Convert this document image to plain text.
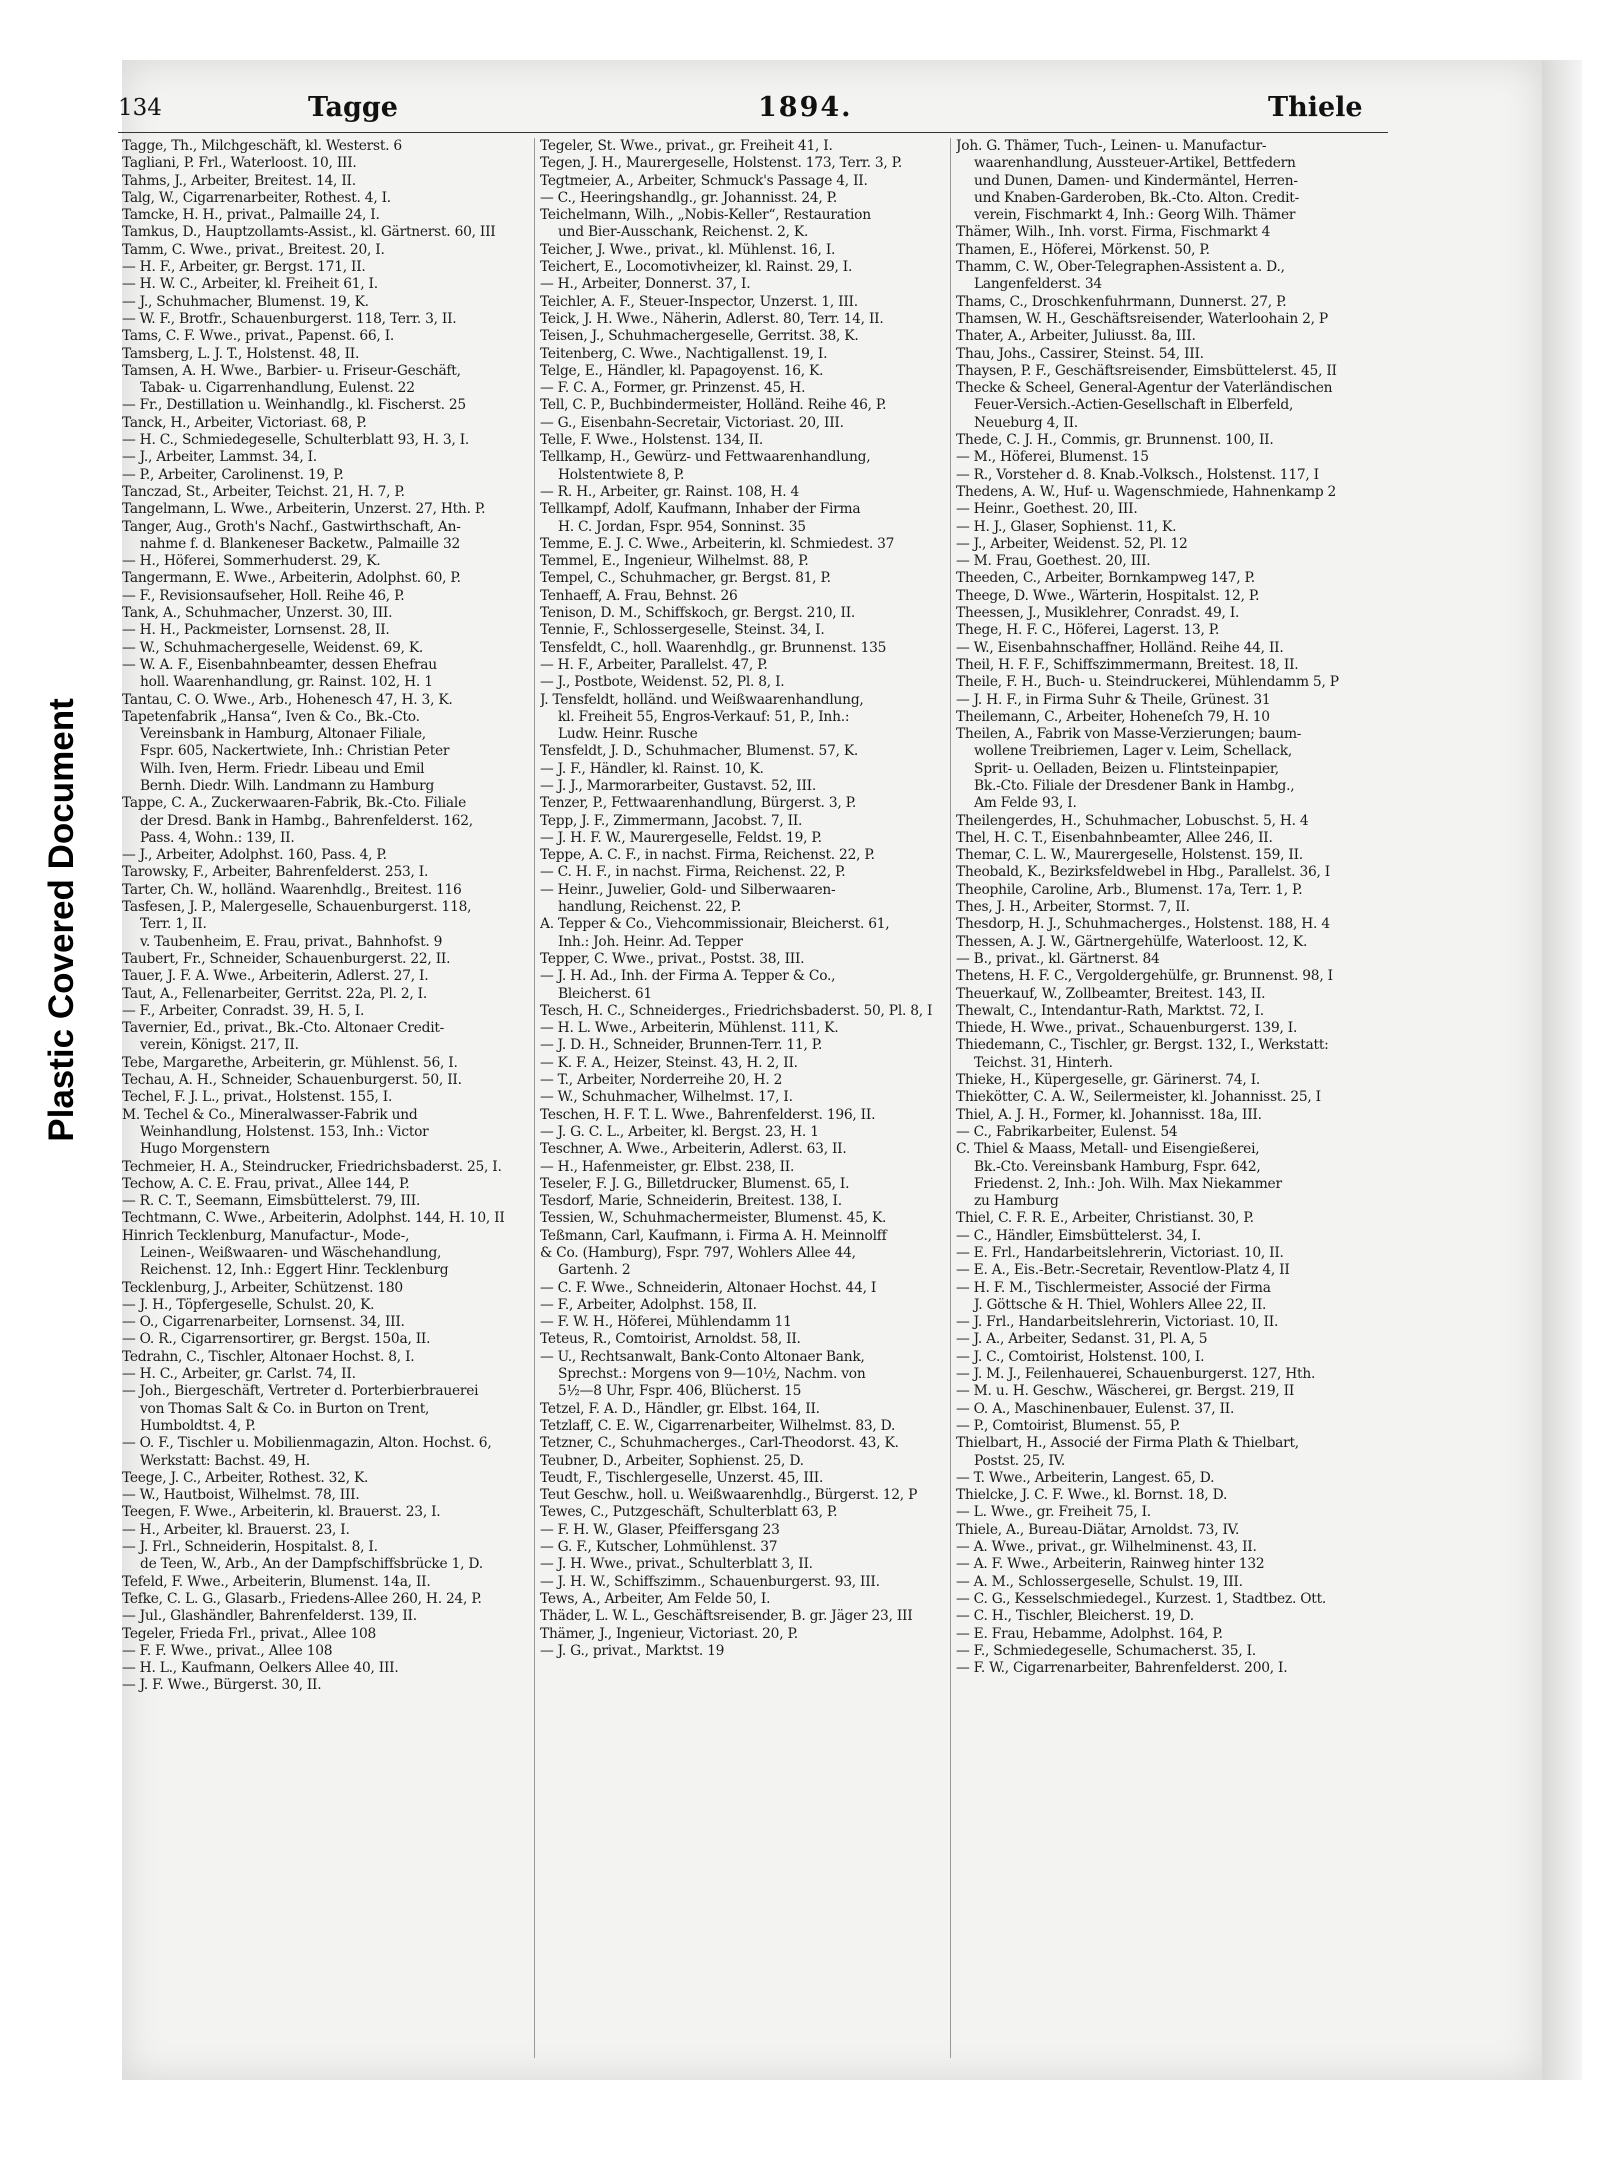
Plastic Covered Document
134	Tagge	1894.	Thiele
Tagge, Th., Milchgeschäft, kl. Westerst. 6
Tagliani, P. Frl., Waterloost. 10, III.
Tahms, J., Arbeiter, Breitest. 14, II.
Talg, W., Cigarrenarbeiter, Rothest. 4, I.
Tamcke, H. H., privat., Palmaille 24, I.
Tamkus, D., Hauptzollamts-Assist., kl. Gärtnerst. 60, III
Tamm, C. Wwe., privat., Breitest. 20, I.
— H. F., Arbeiter, gr. Bergst. 171, II.
— H. W. C., Arbeiter, kl. Freiheit 61, I.
— J., Schuhmacher, Blumenst. 19, K.
— W. F., Brotfr., Schauenburgerst. 118, Terr. 3, II.
Tams, C. F. Wwe., privat., Papenst. 66, I.
Tamsberg, L. J. T., Holstenst. 48, II.
Tamsen, A. H. Wwe., Barbier- u. Friseur-Geschäft,
Tabak- u. Cigarrenhandlung, Eulenst. 22
— Fr., Destillation u. Weinhandlg., kl. Fischerst. 25
Tanck, H., Arbeiter, Victoriast. 68, P.
— H. C., Schmiedegeselle, Schulterblatt 93, H. 3, I.
— J., Arbeiter, Lammst. 34, I.
— P., Arbeiter, Carolinenst. 19, P.
Tanczad, St., Arbeiter, Teichst. 21, H. 7, P.
Tangelmann, L. Wwe., Arbeiterin, Unzerst. 27, Hth. P.
Tanger, Aug., Groth's Nachf., Gastwirthschaft, An-
nahme f. d. Blankeneser Backetw., Palmaille 32
— H., Höferei, Sommerhuderst. 29, K.
Tangermann, E. Wwe., Arbeiterin, Adolphst. 60, P.
— F., Revisionsaufseher, Holl. Reihe 46, P.
Tank, A., Schuhmacher, Unzerst. 30, III.
— H. H., Packmeister, Lornsenst. 28, II.
— W., Schuhmachergeselle, Weidenst. 69, K.
— W. A. F., Eisenbahnbeamter, dessen Ehefrau
holl. Waarenhandlung, gr. Rainst. 102, H. 1
Tantau, C. O. Wwe., Arb., Hohenesch 47, H. 3, K.
Tapetenfabrik „Hansa“, Iven & Co., Bk.-Cto.
Vereinsbank in Hamburg, Altonaer Filiale,
Fspr. 605, Nackertwiete, Inh.: Christian Peter
Wilh. Iven, Herm. Friedr. Libeau und Emil
Bernh. Diedr. Wilh. Landmann zu Hamburg
Tappe, C. A., Zuckerwaaren-Fabrik, Bk.-Cto. Filiale
der Dresd. Bank in Hambg., Bahrenfelderst. 162,
Pass. 4, Wohn.: 139, II.
— J., Arbeiter, Adolphst. 160, Pass. 4, P.
Tarowsky, F., Arbeiter, Bahrenfelderst. 253, I.
Tarter, Ch. W., holländ. Waarenhdlg., Breitest. 116
Tasfesen, J. P., Malergeselle, Schauenburgerst. 118,
Terr. 1, II.
v. Taubenheim, E. Frau, privat., Bahnhofst. 9
Taubert, Fr., Schneider, Schauenburgerst. 22, II.
Tauer, J. F. A. Wwe., Arbeiterin, Adlerst. 27, I.
Taut, A., Fellenarbeiter, Gerritst. 22a, Pl. 2, I.
— F., Arbeiter, Conradst. 39, H. 5, I.
Tavernier, Ed., privat., Bk.-Cto. Altonaer Credit-
verein, Königst. 217, II.
Tebe, Margarethe, Arbeiterin, gr. Mühlenst. 56, I.
Techau, A. H., Schneider, Schauenburgerst. 50, II.
Techel, F. J. L., privat., Holstenst. 155, I.
M. Techel & Co., Mineralwasser-Fabrik und
Weinhandlung, Holstenst. 153, Inh.: Victor
Hugo Morgenstern
Techmeier, H. A., Steindrucker, Friedrichsbaderst. 25, I.
Techow, A. C. E. Frau, privat., Allee 144, P.
— R. C. T., Seemann, Eimsbüttelerst. 79, III.
Techtmann, C. Wwe., Arbeiterin, Adolphst. 144, H. 10, II
Hinrich Tecklenburg, Manufactur-, Mode-,
Leinen-, Weißwaaren- und Wäschehandlung,
Reichenst. 12, Inh.: Eggert Hinr. Tecklenburg
Tecklenburg, J., Arbeiter, Schützenst. 180
— J. H., Töpfergeselle, Schulst. 20, K.
— O., Cigarrenarbeiter, Lornsenst. 34, III.
— O. R., Cigarrensortirer, gr. Bergst. 150a, II.
Tedrahn, C., Tischler, Altonaer Hochst. 8, I.
— H. C., Arbeiter, gr. Carlst. 74, II.
— Joh., Biergeschäft, Vertreter d. Porterbierbrauerei
von Thomas Salt & Co. in Burton on Trent,
Humboldtst. 4, P.
— O. F., Tischler u. Mobilienmagazin, Alton. Hochst. 6,
Werkstatt: Bachst. 49, H.
Teege, J. C., Arbeiter, Rothest. 32, K.
— W., Hautboist, Wilhelmst. 78, III.
Teegen, F. Wwe., Arbeiterin, kl. Brauerst. 23, I.
— H., Arbeiter, kl. Brauerst. 23, I.
— J. Frl., Schneiderin, Hospitalst. 8, I.
de Teen, W., Arb., An der Dampfschiffsbrücke 1, D.
Tefeld, F. Wwe., Arbeiterin, Blumenst. 14a, II.
Tefke, C. L. G., Glasarb., Friedens-Allee 260, H. 24, P.
— Jul., Glashändler, Bahrenfelderst. 139, II.
Tegeler, Frieda Frl., privat., Allee 108
— F. F. Wwe., privat., Allee 108
— H. L., Kaufmann, Oelkers Allee 40, III.
— J. F. Wwe., Bürgerst. 30, II.
Tegeler, St. Wwe., privat., gr. Freiheit 41, I.
Tegen, J. H., Maurergeselle, Holstenst. 173, Terr. 3, P.
Tegtmeier, A., Arbeiter, Schmuck's Passage 4, II.
— C., Heeringshandlg., gr. Johannisst. 24, P.
Teichelmann, Wilh., „Nobis-Keller“, Restauration
und Bier-Ausschank, Reichenst. 2, K.
Teicher, J. Wwe., privat., kl. Mühlenst. 16, I.
Teichert, E., Locomotivheizer, kl. Rainst. 29, I.
— H., Arbeiter, Donnerst. 37, I.
Teichler, A. F., Steuer-Inspector, Unzerst. 1, III.
Teick, J. H. Wwe., Näherin, Adlerst. 80, Terr. 14, II.
Teisen, J., Schuhmachergeselle, Gerritst. 38, K.
Teitenberg, C. Wwe., Nachtigallenst. 19, I.
Telge, E., Händler, kl. Papagoyenst. 16, K.
— F. C. A., Former, gr. Prinzenst. 45, H.
Tell, C. P., Buchbindermeister, Holländ. Reihe 46, P.
— G., Eisenbahn-Secretair, Victoriast. 20, III.
Telle, F. Wwe., Holstenst. 134, II.
Tellkamp, H., Gewürz- und Fettwaarenhandlung,
Holstentwiete 8, P.
— R. H., Arbeiter, gr. Rainst. 108, H. 4
Tellkampf, Adolf, Kaufmann, Inhaber der Firma
H. C. Jordan, Fspr. 954, Sonninst. 35
Temme, E. J. C. Wwe., Arbeiterin, kl. Schmiedest. 37
Temmel, E., Ingenieur, Wilhelmst. 88, P.
Tempel, C., Schuhmacher, gr. Bergst. 81, P.
Tenhaeff, A. Frau, Behnst. 26
Tenison, D. M., Schiffskoch, gr. Bergst. 210, II.
Tennie, F., Schlossergeselle, Steinst. 34, I.
Tensfeldt, C., holl. Waarenhdlg., gr. Brunnenst. 135
— H. F., Arbeiter, Parallelst. 47, P.
— J., Postbote, Weidenst. 52, Pl. 8, I.
J. Tensfeldt, holländ. und Weißwaarenhandlung,
kl. Freiheit 55, Engros-Verkauf: 51, P., Inh.:
Ludw. Heinr. Rusche
Tensfeldt, J. D., Schuhmacher, Blumenst. 57, K.
— J. F., Händler, kl. Rainst. 10, K.
— J. J., Marmorarbeiter, Gustavst. 52, III.
Tenzer, P., Fettwaarenhandlung, Bürgerst. 3, P.
Tepp, J. F., Zimmermann, Jacobst. 7, II.
— J. H. F. W., Maurergeselle, Feldst. 19, P.
Teppe, A. C. F., in nachst. Firma, Reichenst. 22, P.
— C. H. F., in nachst. Firma, Reichenst. 22, P.
— Heinr., Juwelier, Gold- und Silberwaaren-
handlung, Reichenst. 22, P.
A. Tepper & Co., Viehcommissionair, Bleicherst. 61,
Inh.: Joh. Heinr. Ad. Tepper
Tepper, C. Wwe., privat., Postst. 38, III.
— J. H. Ad., Inh. der Firma A. Tepper & Co.,
Bleicherst. 61
Tesch, H. C., Schneiderges., Friedrichsbaderst. 50, Pl. 8, I
— H. L. Wwe., Arbeiterin, Mühlenst. 111, K.
— J. D. H., Schneider, Brunnen-Terr. 11, P.
— K. F. A., Heizer, Steinst. 43, H. 2, II.
— T., Arbeiter, Norderreihe 20, H. 2
— W., Schuhmacher, Wilhelmst. 17, I.
Teschen, H. F. T. L. Wwe., Bahrenfelderst. 196, II.
— J. G. C. L., Arbeiter, kl. Bergst. 23, H. 1
Teschner, A. Wwe., Arbeiterin, Adlerst. 63, II.
— H., Hafenmeister, gr. Elbst. 238, II.
Teseler, F. J. G., Billetdrucker, Blumenst. 65, I.
Tesdorf, Marie, Schneiderin, Breitest. 138, I.
Tessien, W., Schuhmachermeister, Blumenst. 45, K.
Teßmann, Carl, Kaufmann, i. Firma A. H. Meinnolff
& Co. (Hamburg), Fspr. 797, Wohlers Allee 44,
Gartenh. 2
— C. F. Wwe., Schneiderin, Altonaer Hochst. 44, I
— F., Arbeiter, Adolphst. 158, II.
— F. W. H., Höferei, Mühlendamm 11
Teteus, R., Comtoirist, Arnoldst. 58, II.
— U., Rechtsanwalt, Bank-Conto Altonaer Bank,
Sprechst.: Morgens von 9—10½, Nachm. von
5½—8 Uhr, Fspr. 406, Blücherst. 15
Tetzel, F. A. D., Händler, gr. Elbst. 164, II.
Tetzlaff, C. E. W., Cigarrenarbeiter, Wilhelmst. 83, D.
Tetzner, C., Schuhmacherges., Carl-Theodorst. 43, K.
Teubner, D., Arbeiter, Sophienst. 25, D.
Teudt, F., Tischlergeselle, Unzerst. 45, III.
Teut Geschw., holl. u. Weißwaarenhdlg., Bürgerst. 12, P
Tewes, C., Putzgeschäft, Schulterblatt 63, P.
— F. H. W., Glaser, Pfeiffersgang 23
— G. F., Kutscher, Lohmühlenst. 37
— J. H. Wwe., privat., Schulterblatt 3, II.
— J. H. W., Schiffszimm., Schauenburgerst. 93, III.
Tews, A., Arbeiter, Am Felde 50, I.
Thäder, L. W. L., Geschäftsreisender, B. gr. Jäger 23, III
Thämer, J., Ingenieur, Victoriast. 20, P.
— J. G., privat., Marktst. 19
Joh. G. Thämer, Tuch-, Leinen- u. Manufactur-
waarenhandlung, Aussteuer-Artikel, Bettfedern
und Dunen, Damen- und Kindermäntel, Herren-
und Knaben-Garderoben, Bk.-Cto. Alton. Credit-
verein, Fischmarkt 4, Inh.: Georg Wilh. Thämer
Thämer, Wilh., Inh. vorst. Firma, Fischmarkt 4
Thamen, E., Höferei, Mörkenst. 50, P.
Thamm, C. W., Ober-Telegraphen-Assistent a. D.,
Langenfelderst. 34
Thams, C., Droschkenfuhrmann, Dunnerst. 27, P.
Thamsen, W. H., Geschäftsreisender, Waterloohain 2, P
Thater, A., Arbeiter, Juliusst. 8a, III.
Thau, Johs., Cassirer, Steinst. 54, III.
Thaysen, P. F., Geschäftsreisender, Eimsbüttelerst. 45, II
Thecke & Scheel, General-Agentur der Vaterländischen
Feuer-Versich.-Actien-Gesellschaft in Elberfeld,
Neueburg 4, II.
Thede, C. J. H., Commis, gr. Brunnenst. 100, II.
— M., Höferei, Blumenst. 15
— R., Vorsteher d. 8. Knab.-Volksch., Holstenst. 117, I
Thedens, A. W., Huf- u. Wagenschmiede, Hahnenkamp 2
— Heinr., Goethest. 20, III.
— H. J., Glaser, Sophienst. 11, K.
— J., Arbeiter, Weidenst. 52, Pl. 12
— M. Frau, Goethest. 20, III.
Theeden, C., Arbeiter, Bornkampweg 147, P.
Theege, D. Wwe., Wärterin, Hospitalst. 12, P.
Theessen, J., Musiklehrer, Conradst. 49, I.
Thege, H. F. C., Höferei, Lagerst. 13, P.
— W., Eisenbahnschaffner, Holländ. Reihe 44, II.
Theil, H. F. F., Schiffszimmermann, Breitest. 18, II.
Theile, F. H., Buch- u. Steindruckerei, Mühlendamm 5, P
— J. H. F., in Firma Suhr & Theile, Grünest. 31
Theilemann, C., Arbeiter, Hoheneſch 79, H. 10
Theilen, A., Fabrik von Masse-Verzierungen; baum-
wollene Treibriemen, Lager v. Leim, Schellack,
Sprit- u. Oelladen, Beizen u. Flintsteinpapier,
Bk.-Cto. Filiale der Dresdener Bank in Hambg.,
Am Felde 93, I.
Theilengerdes, H., Schuhmacher, Lobuschst. 5, H. 4
Thel, H. C. T., Eisenbahnbeamter, Allee 246, II.
Themar, C. L. W., Maurergeselle, Holstenst. 159, II.
Theobald, K., Bezirksfeldwebel in Hbg., Parallelst. 36, I
Theophile, Caroline, Arb., Blumenst. 17a, Terr. 1, P.
Thes, J. H., Arbeiter, Stormst. 7, II.
Thesdorp, H. J., Schuhmacherges., Holstenst. 188, H. 4
Thessen, A. J. W., Gärtnergehülfe, Waterloost. 12, K.
— B., privat., kl. Gärtnerst. 84
Thetens, H. F. C., Vergoldergehülfe, gr. Brunnenst. 98, I
Theuerkauf, W., Zollbeamter, Breitest. 143, II.
Thewalt, C., Intendantur-Rath, Marktst. 72, I.
Thiede, H. Wwe., privat., Schauenburgerst. 139, I.
Thiedemann, C., Tischler, gr. Bergst. 132, I., Werkstatt:
Teichst. 31, Hinterh.
Thieke, H., Küpergeselle, gr. Gärinerst. 74, I.
Thiekötter, C. A. W., Seilermeister, kl. Johannisst. 25, I
Thiel, A. J. H., Former, kl. Johannisst. 18a, III.
— C., Fabrikarbeiter, Eulenst. 54
C. Thiel & Maass, Metall- und Eisengießerei,
Bk.-Cto. Vereinsbank Hamburg, Fspr. 642,
Friedenst. 2, Inh.: Joh. Wilh. Max Niekammer
zu Hamburg
Thiel, C. F. R. E., Arbeiter, Christianst. 30, P.
— C., Händler, Eimsbüttelerst. 34, I.
— E. Frl., Handarbeitslehrerin, Victoriast. 10, II.
— E. A., Eis.-Betr.-Secretair, Reventlow-Platz 4, II
— H. F. M., Tischlermeister, Associé der Firma
J. Göttsche & H. Thiel, Wohlers Allee 22, II.
— J. Frl., Handarbeitslehrerin, Victoriast. 10, II.
— J. A., Arbeiter, Sedanst. 31, Pl. A, 5
— J. C., Comtoirist, Holstenst. 100, I.
— J. M. J., Feilenhauerei, Schauenburgerst. 127, Hth.
— M. u. H. Geschw., Wäscherei, gr. Bergst. 219, II
— O. A., Maschinenbauer, Eulenst. 37, II.
— P., Comtoirist, Blumenst. 55, P.
Thielbart, H., Associé der Firma Plath & Thielbart,
Postst. 25, IV.
— T. Wwe., Arbeiterin, Langest. 65, D.
Thielcke, J. C. F. Wwe., kl. Bornst. 18, D.
— L. Wwe., gr. Freiheit 75, I.
Thiele, A., Bureau-Diätar, Arnoldst. 73, IV.
— A. Wwe., privat., gr. Wilhelminenst. 43, II.
— A. F. Wwe., Arbeiterin, Rainweg hinter 132
— A. M., Schlossergeselle, Schulst. 19, III.
— C. G., Kesselschmiedegel., Kurzest. 1, Stadtbez. Ott.
— C. H., Tischler, Bleicherst. 19, D.
— E. Frau, Hebamme, Adolphst. 164, P.
— F., Schmiedegeselle, Schumacherst. 35, I.
— F. W., Cigarrenarbeiter, Bahrenfelderst. 200, I.
